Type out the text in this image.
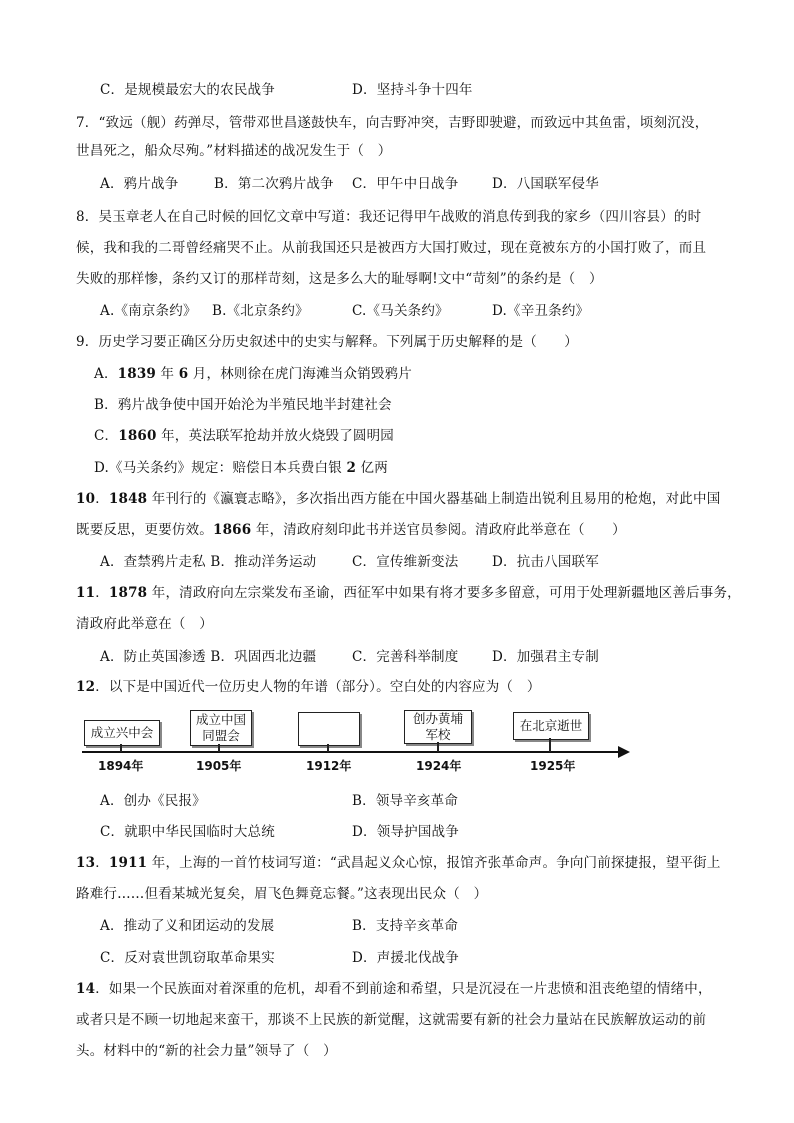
C．是规模最宏大的农民战争	D．坚持斗争十四年
7．“致远（舰）药弹尽，管带邓世昌遂鼓快车，向吉野冲突，吉野即驶避，而致远中其鱼雷，顷刻沉没，
世昌死之，船众尽殉。”材料描述的战况发生于（　）
A．鸦片战争	B．第二次鸦片战争 C．甲午中日战争 D．八国联军侵华
8．吴玉章老人在自己时候的回忆文章中写道：我还记得甲午战败的消息传到我的家乡（四川容县）的时
候，我和我的二哥曾经痛哭不止。从前我国还只是被西方大国打败过，现在竟被东方的小国打败了，而且
失败的那样惨，条约又订的那样苛刻，这是多么大的耻辱啊!文中“苛刻”的条约是（　）
A.《南京条约》 B.《北京条约》	C.《马关条约》	D.《辛丑条约》
9．历史学习要正确区分历史叙述中的史实与解释。下列属于历史解释的是（　　）
A．1839 年 6 月，林则徐在虎门海滩当众销毁鸦片
B．鸦片战争使中国开始沦为半殖民地半封建社会
C．1860 年，英法联军抢劫并放火烧毁了圆明园
D.《马关条约》规定：赔偿日本兵费白银 2 亿两
10．1848 年刊行的《瀛寰志略》，多次指出西方能在中国火器基础上制造出锐利且易用的枪炮，对此中国
既要反思，更要仿效。1866 年，清政府刻印此书并送官员参阅。清政府此举意在（　　）
A．查禁鸦片走私 B．推动洋务运动	C．宣传维新变法 D．抗击八国联军
11．1878 年，清政府向左宗棠发布圣谕，西征军中如果有将才要多多留意，可用于处理新疆地区善后事务，
清政府此举意在（　）
A．防止英国渗透 B．巩固西北边疆	C．完善科举制度 D．加强君主专制
12．以下是中国近代一位历史人物的年谱（部分）。空白处的内容应为（　）
成立兴中会
1894年
成立中国
同盟会
1905年	1912年
创办黄埔
军校
1924年
在北京逝世
1925年
A．创办《民报》	B．领导辛亥革命
C．就职中华民国临时大总统	D．领导护国战争
13．1911 年，上海的一首竹枝词写道：“武昌起义众心惊，报馆齐张革命声。争向门前探捷报，望平街上
路难行……但看某城光复矣，眉飞色舞竟忘餐。”这表现出民众（　）
A．推动了义和团运动的发展	B．支持辛亥革命
C．反对袁世凯窃取革命果实	D．声援北伐战争
14．如果一个民族面对着深重的危机，却看不到前途和希望，只是沉浸在一片悲愤和沮丧绝望的情绪中，
或者只是不顾一切地起来蛮干，那谈不上民族的新觉醒，这就需要有新的社会力量站在民族解放运动的前
头。材料中的“新的社会力量”领导了（　）
